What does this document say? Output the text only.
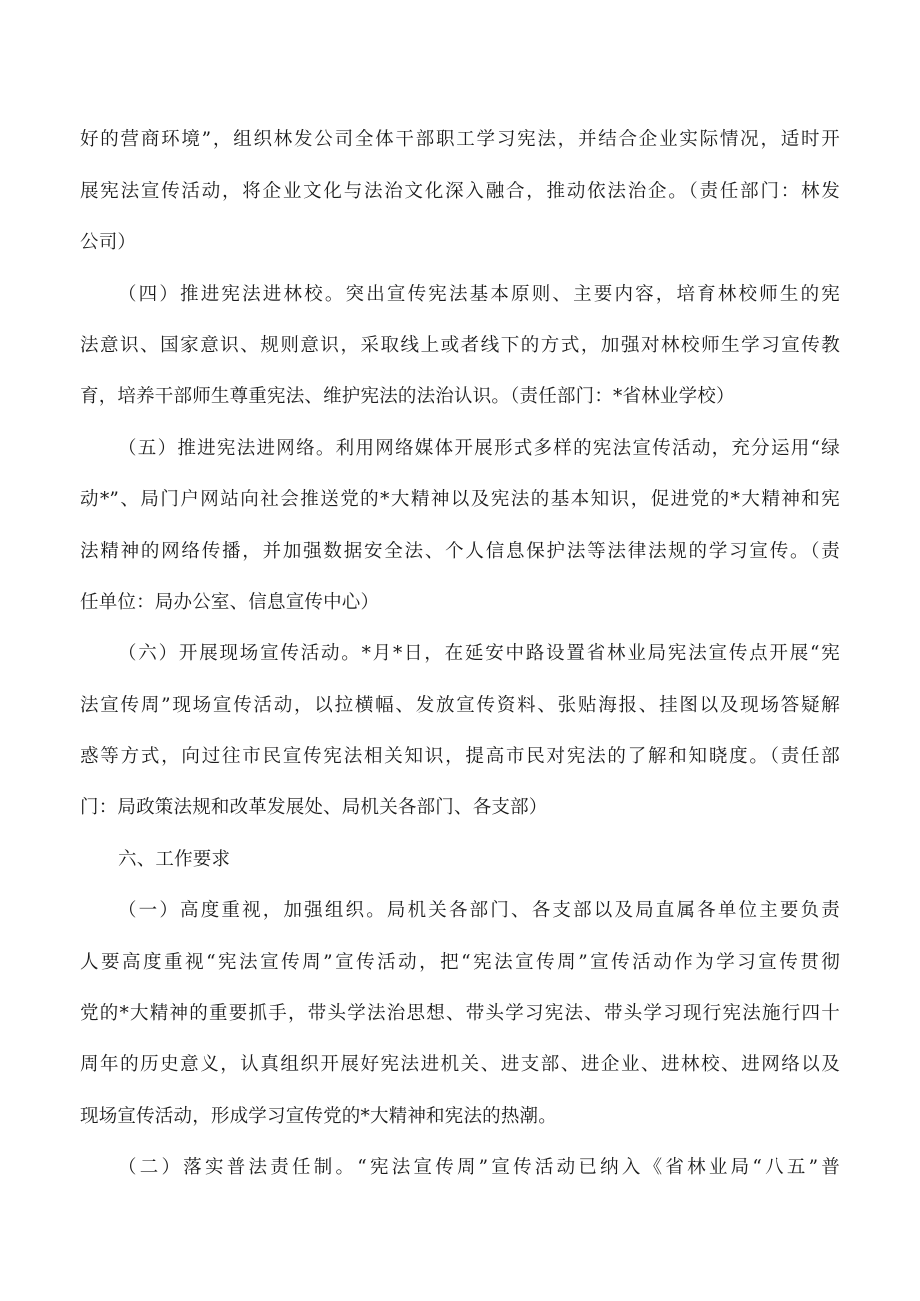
好的营商环境”，组织林发公司全体干部职工学习宪法，并结合企业实际情况，适时开
展宪法宣传活动，将企业文化与法治文化深入融合，推动依法治企。（责任部门：林发
公司）
（四）推进宪法进林校。突出宣传宪法基本原则、主要内容，培育林校师生的宪
法意识、国家意识、规则意识，采取线上或者线下的方式，加强对林校师生学习宣传教
育，培养干部师生尊重宪法、维护宪法的法治认识。（责任部门：*省林业学校）
（五）推进宪法进网络。利用网络媒体开展形式多样的宪法宣传活动，充分运用“绿
动*”、局门户网站向社会推送党的*大精神以及宪法的基本知识，促进党的*大精神和宪
法精神的网络传播，并加强数据安全法、个人信息保护法等法律法规的学习宣传。（责
任单位：局办公室、信息宣传中心）
（六）开展现场宣传活动。*月*日，在延安中路设置省林业局宪法宣传点开展“宪
法宣传周”现场宣传活动，以拉横幅、发放宣传资料、张贴海报、挂图以及现场答疑解
惑等方式，向过往市民宣传宪法相关知识，提高市民对宪法的了解和知晓度。（责任部
门：局政策法规和改革发展处、局机关各部门、各支部）
六、工作要求
（一）高度重视，加强组织。局机关各部门、各支部以及局直属各单位主要负责
人要高度重视“宪法宣传周”宣传活动，把“宪法宣传周”宣传活动作为学习宣传贯彻
党的*大精神的重要抓手，带头学法治思想、带头学习宪法、带头学习现行宪法施行四十
周年的历史意义，认真组织开展好宪法进机关、进支部、进企业、进林校、进网络以及
现场宣传活动，形成学习宣传党的*大精神和宪法的热潮。
（二）落实普法责任制。“宪法宣传周”宣传活动已纳入《省林业局“八五”普
